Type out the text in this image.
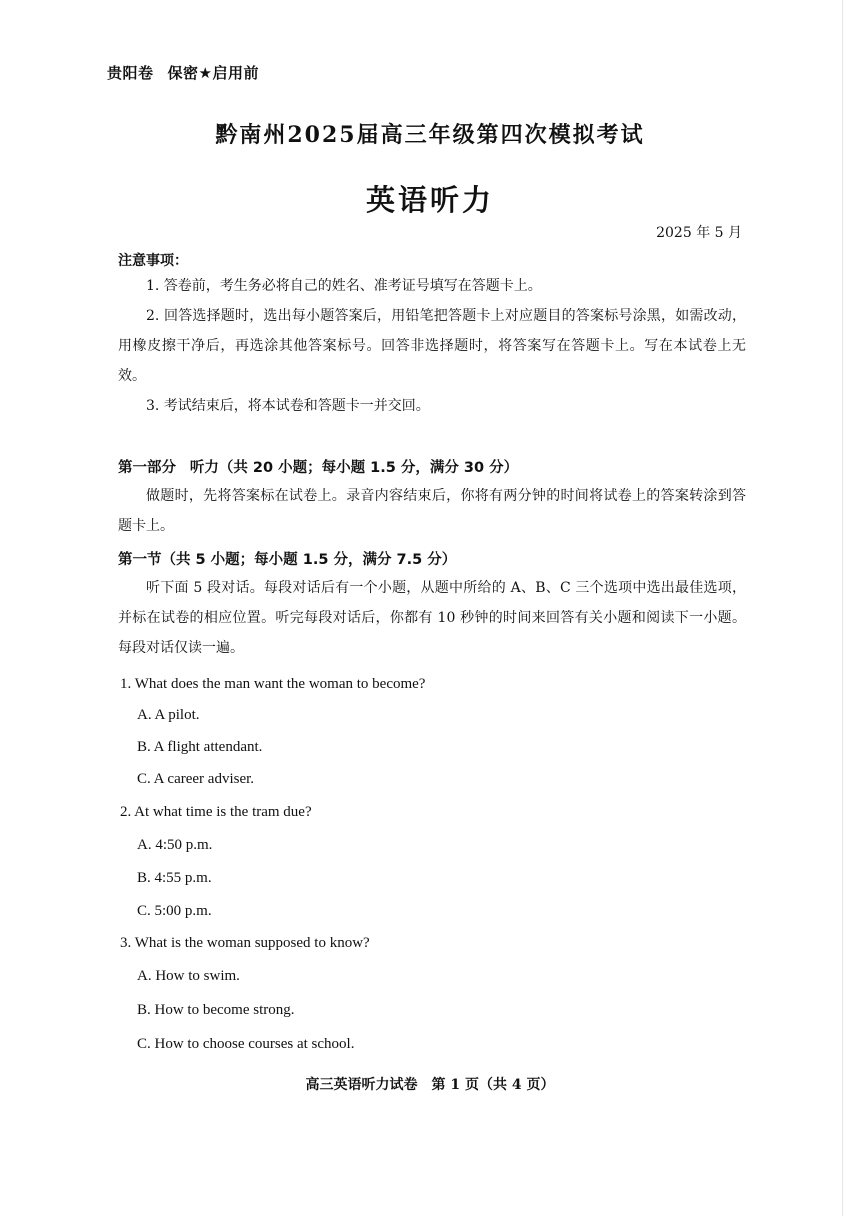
贵阳卷 保密★启用前
黔南州2025届高三年级第四次模拟考试
英语听力
2025 年 5 月
注意事项：
1. 答卷前，考生务必将自己的姓名、准考证号填写在答题卡上。
2. 回答选择题时，选出每小题答案后，用铅笔把答题卡上对应题目的答案标号涂黑，如需改动，用橡皮擦干净后，再选涂其他答案标号。回答非选择题时，将答案写在答题卡上。写在本试卷上无效。
3. 考试结束后，将本试卷和答题卡一并交回。
第一部分 听力（共 20 小题；每小题 1.5 分，满分 30 分）
做题时，先将答案标在试卷上。录音内容结束后，你将有两分钟的时间将试卷上的答案转涂到答题卡上。
第一节（共 5 小题；每小题 1.5 分，满分 7.5 分）
听下面 5 段对话。每段对话后有一个小题，从题中所给的 A、B、C 三个选项中选出最佳选项，并标在试卷的相应位置。听完每段对话后，你都有 10 秒钟的时间来回答有关小题和阅读下一小题。每段对话仅读一遍。
1. What does the man want the woman to become?
A. A pilot.
B. A flight attendant.
C. A career adviser.
2. At what time is the tram due?
A. 4:50 p.m.
B. 4:55 p.m.
C. 5:00 p.m.
3. What is the woman supposed to know?
A. How to swim.
B. How to become strong.
C. How to choose courses at school.
高三英语听力试卷　第 1 页（共 4 页）
